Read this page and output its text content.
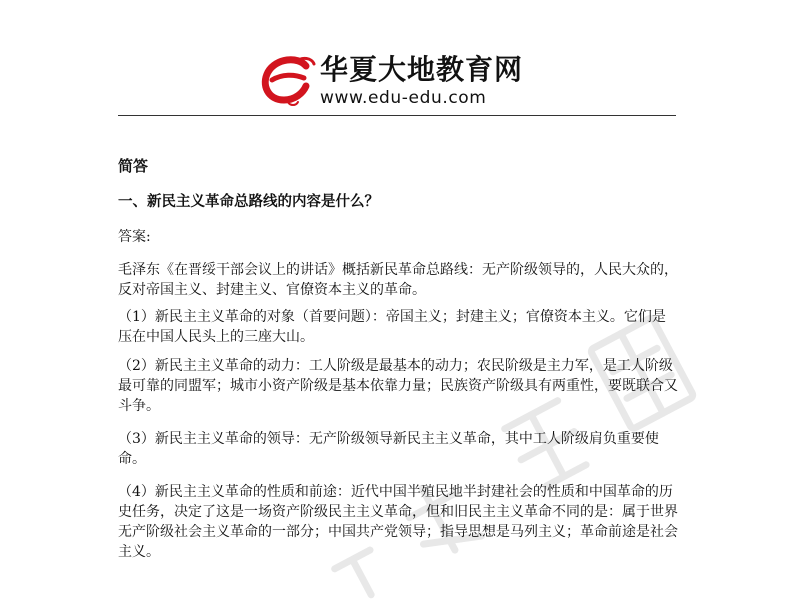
华夏大地教育网
www.edu-edu.com
简答
一、新民主义革命总路线的内容是什么？
答案:
毛泽东《在晋绥干部会议上的讲话》概括新民革命总路线：无产阶级领导的，人民大众的，反对帝国主义、封建主义、官僚资本主义的革命。
（1）新民主主义革命的对象（首要问题）：帝国主义；封建主义；官僚资本主义。它们是压在中国人民头上的三座大山。
（2）新民主主义革命的动力：工人阶级是最基本的动力；农民阶级是主力军，是工人阶级最可靠的同盟军；城市小资产阶级是基本依靠力量；民族资产阶级具有两重性，要既联合又斗争。
（3）新民主主义革命的领导：无产阶级领导新民主主义革命，其中工人阶级肩负重要使命。
（4）新民主主义革命的性质和前途：近代中国半殖民地半封建社会的性质和中国革命的历史任务，决定了这是一场资产阶级民主主义革命，但和旧民主主义革命不同的是：属于世界无产阶级社会主义革命的一部分；中国共产党领导；指导思想是马列主义；革命前途是社会主义。
